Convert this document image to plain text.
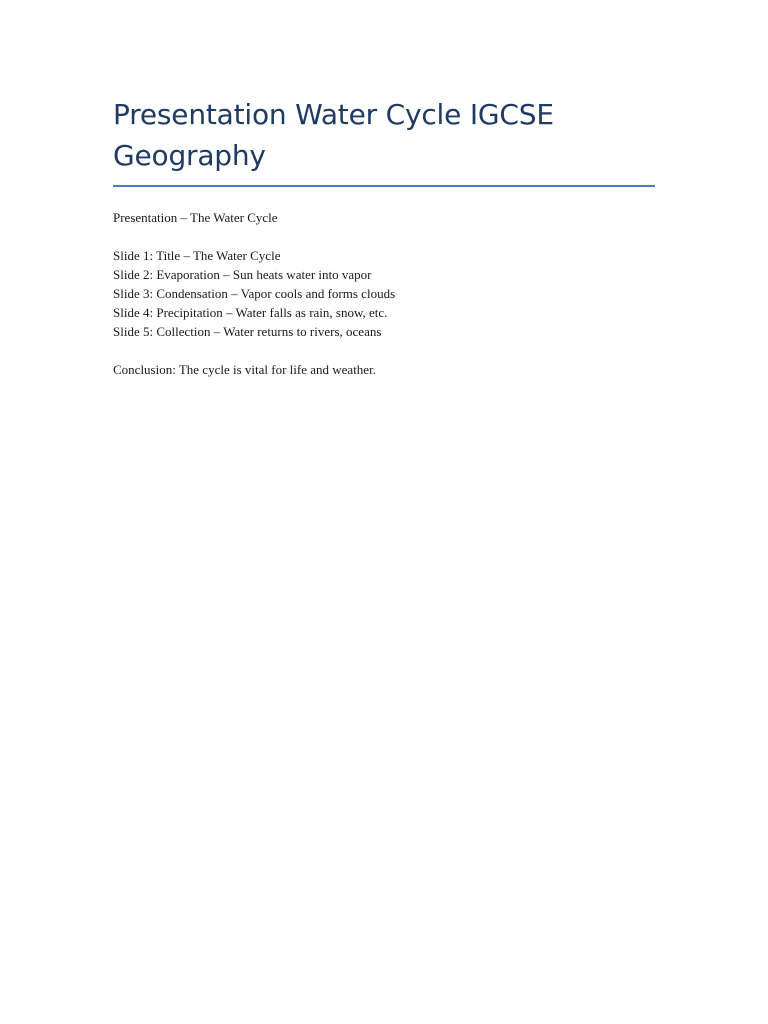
Presentation Water Cycle IGCSE Geography

Presentation – The Water Cycle

Slide 1: Title – The Water Cycle
Slide 2: Evaporation – Sun heats water into vapor
Slide 3: Condensation – Vapor cools and forms clouds
Slide 4: Precipitation – Water falls as rain, snow, etc.
Slide 5: Collection – Water returns to rivers, oceans

Conclusion: The cycle is vital for life and weather.
